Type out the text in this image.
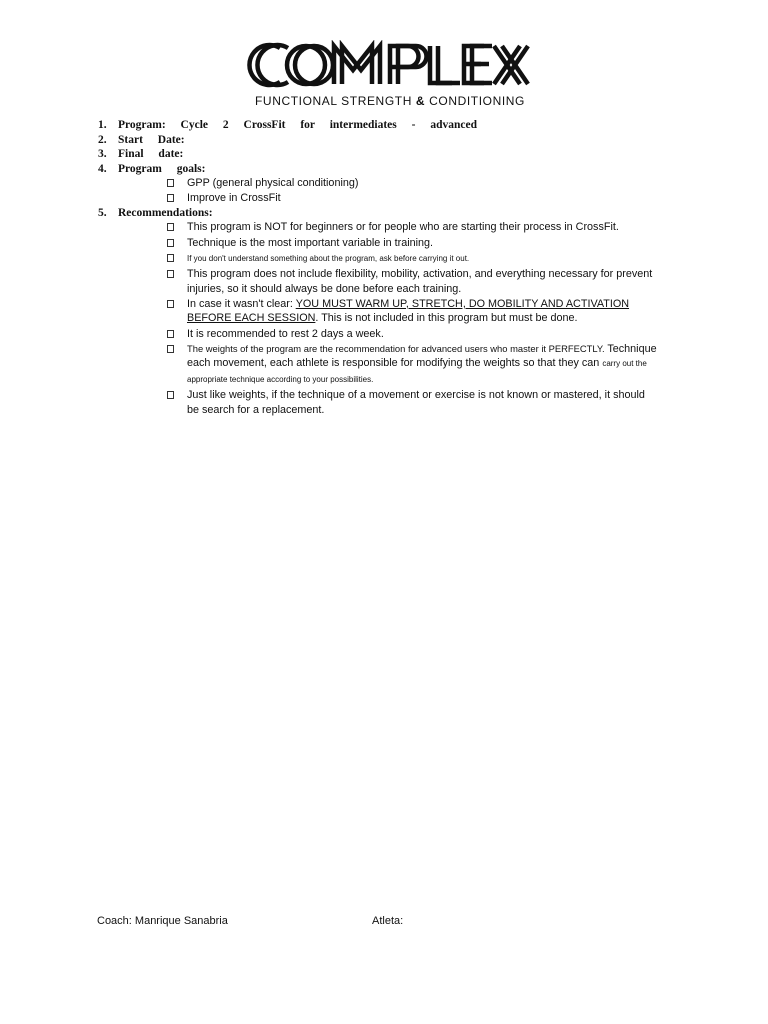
FUNCTIONAL STRENGTH & CONDITIONING
1. Program: Cycle 2 CrossFit for intermediates - advanced
2. Start Date:
3. Final date:
4. Program goals:
GPP (general physical conditioning)
Improve in CrossFit
5. Recommendations:
This program is NOT for beginners or for people who are starting their process in CrossFit.
Technique is the most important variable in training.
If you don't understand something about the program, ask before carrying it out.
This program does not include flexibility, mobility, activation, and everything necessary for prevent injuries, so it should always be done before each training.
In case it wasn't clear: YOU MUST WARM UP, STRETCH, DO MOBILITY AND ACTIVATION BEFORE EACH SESSION. This is not included in this program but must be done.
It is recommended to rest 2 days a week.
The weights of the program are the recommendation for advanced users who master it PERFECTLY. Technique each movement, each athlete is responsible for modifying the weights so that they can carry out the appropriate technique according to your possibilities.
Just like weights, if the technique of a movement or exercise is not known or mastered, it should be search for a replacement.
Coach: Manrique Sanabria	Atleta:
